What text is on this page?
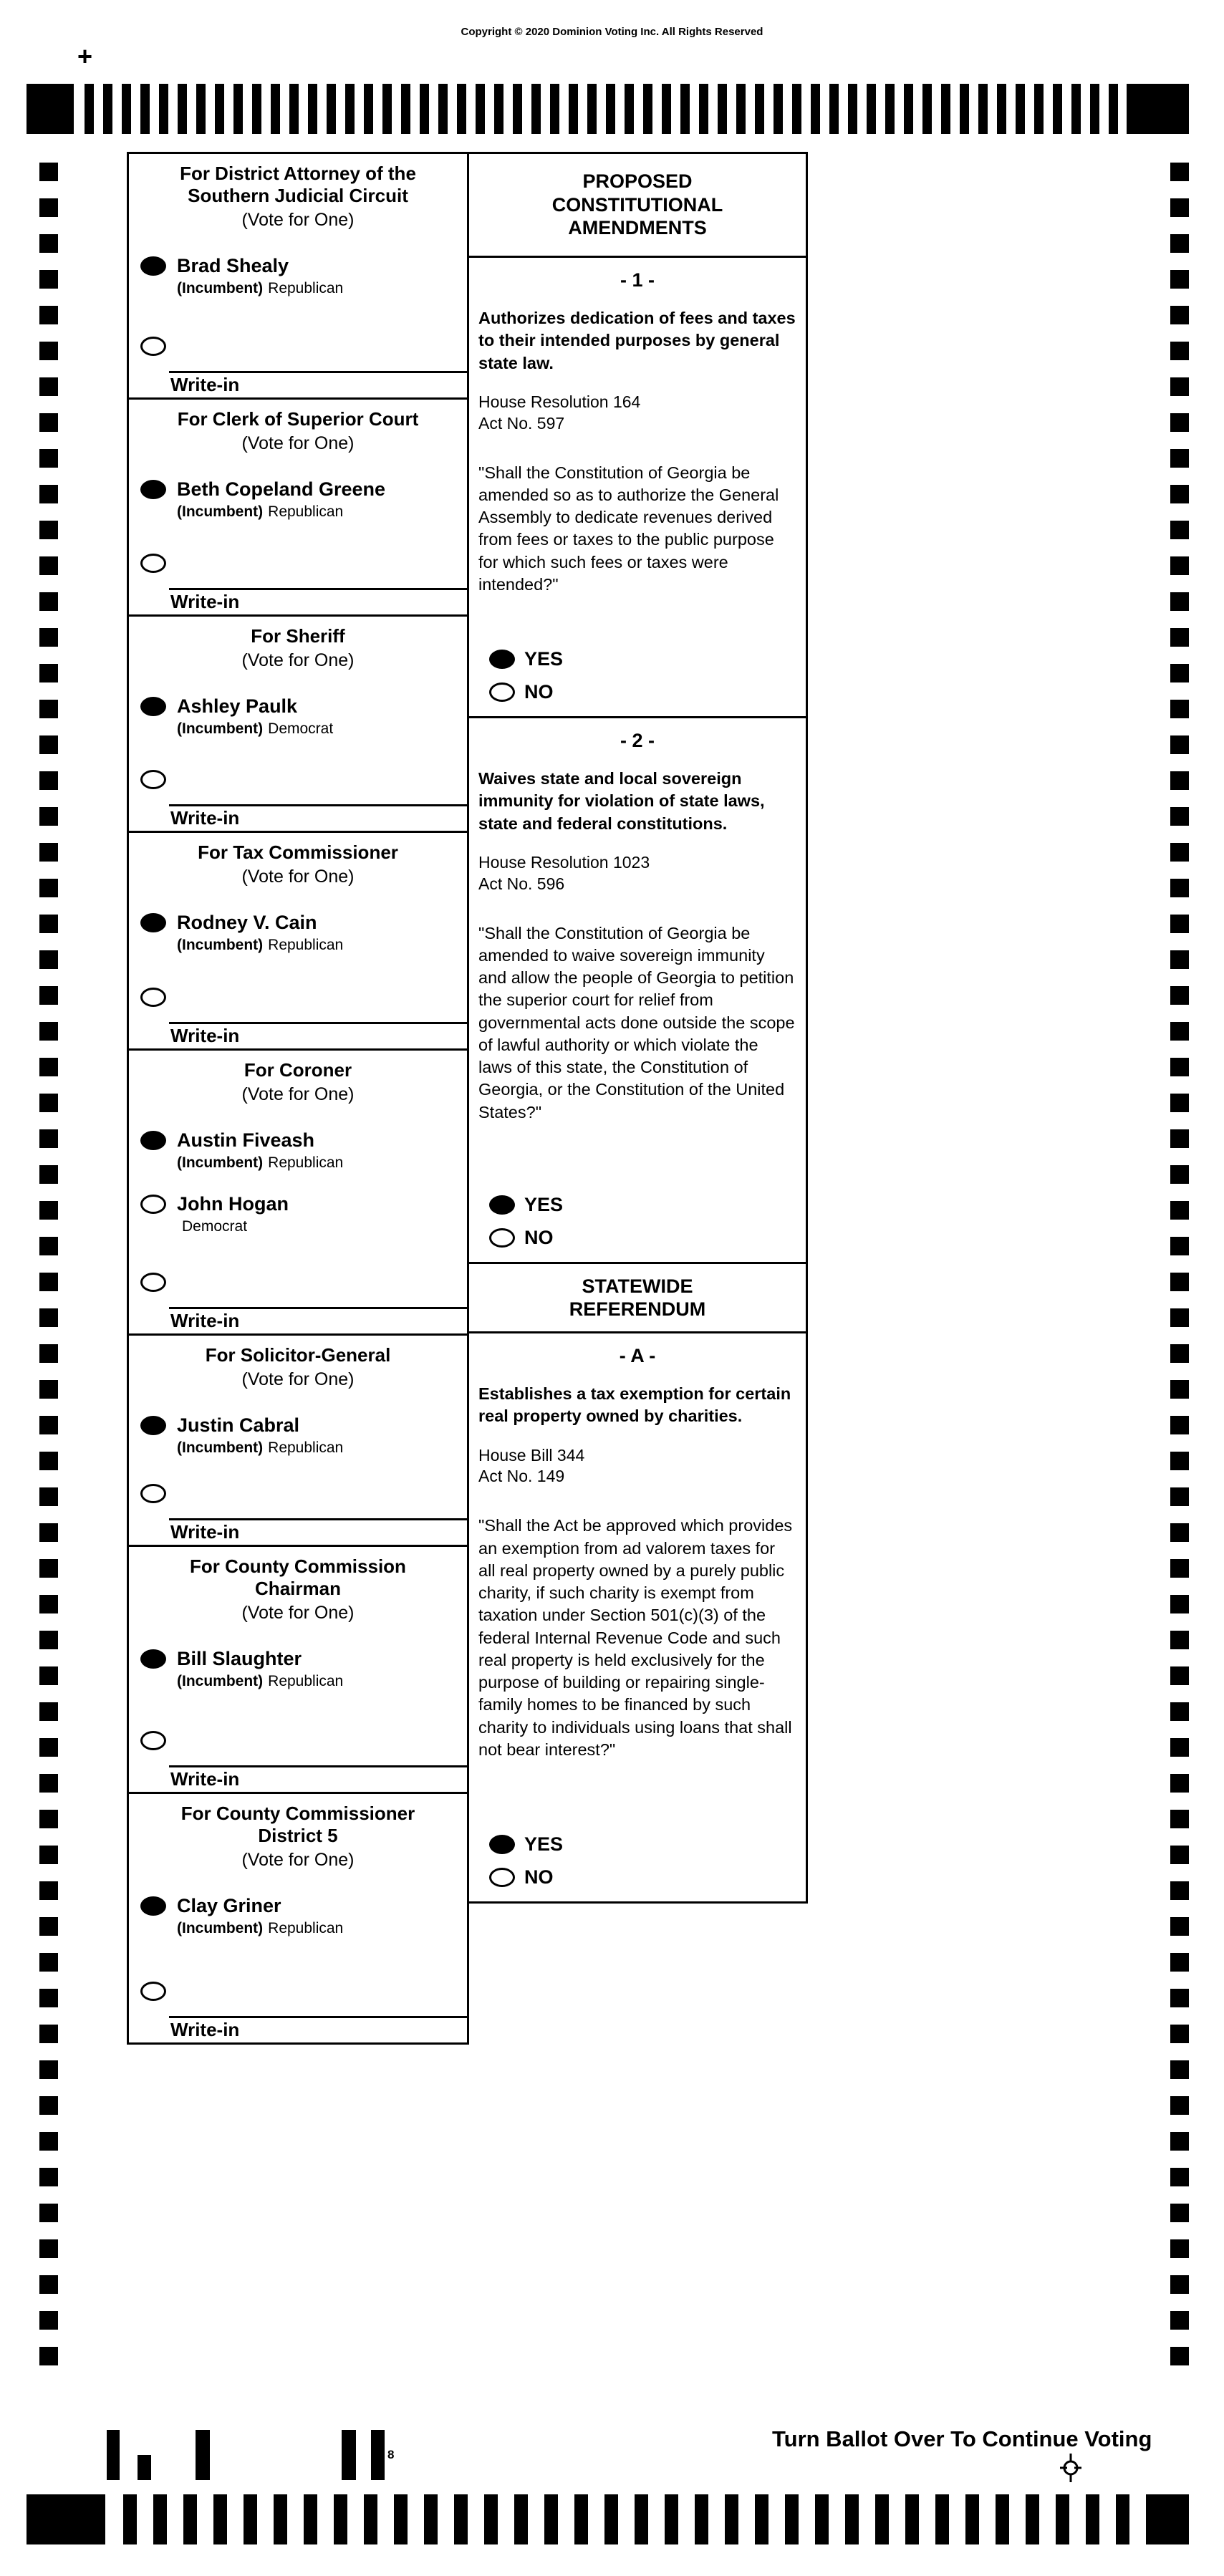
Copyright © 2020 Dominion Voting Inc. All Rights Reserved
+
For District Attorney of the Southern Judicial Circuit
(Vote for One)
Brad Shealy
(Incumbent) Republican
Write-in
For Clerk of Superior Court
(Vote for One)
Beth Copeland Greene
(Incumbent) Republican
Write-in
For Sheriff
(Vote for One)
Ashley Paulk
(Incumbent) Democrat
Write-in
For Tax Commissioner
(Vote for One)
Rodney V. Cain
(Incumbent) Republican
Write-in
For Coroner
(Vote for One)
Austin Fiveash
(Incumbent) Republican
John Hogan
Democrat
Write-in
For Solicitor-General
(Vote for One)
Justin Cabral
(Incumbent) Republican
Write-in
For County Commission Chairman
(Vote for One)
Bill Slaughter
(Incumbent) Republican
Write-in
For County Commissioner District 5
(Vote for One)
Clay Griner
(Incumbent) Republican
Write-in
PROPOSED CONSTITUTIONAL AMENDMENTS
- 1 -
Authorizes dedication of fees and taxes to their intended purposes by general state law.
House Resolution 164
Act No. 597
"Shall the Constitution of Georgia be amended so as to authorize the General Assembly to dedicate revenues derived from fees or taxes to the public purpose for which such fees or taxes were intended?"
YES
NO
- 2 -
Waives state and local sovereign immunity for violation of state laws, state and federal constitutions.
House Resolution 1023
Act No. 596
"Shall the Constitution of Georgia be amended to waive sovereign immunity and allow the people of Georgia to petition the superior court for relief from governmental acts done outside the scope of lawful authority or which violate the laws of this state, the Constitution of Georgia, or the Constitution of the United States?"
YES
NO
STATEWIDE REFERENDUM
- A -
Establishes a tax exemption for certain real property owned by charities.
House Bill 344
Act No. 149
"Shall the Act be approved which provides an exemption from ad valorem taxes for all real property owned by a purely public charity, if such charity is exempt from taxation under Section 501(c)(3) of the federal Internal Revenue Code and such real property is held exclusively for the purpose of building or repairing single-family homes to be financed by such charity to individuals using loans that shall not bear interest?"
YES
NO
8
Turn Ballot Over To Continue Voting
